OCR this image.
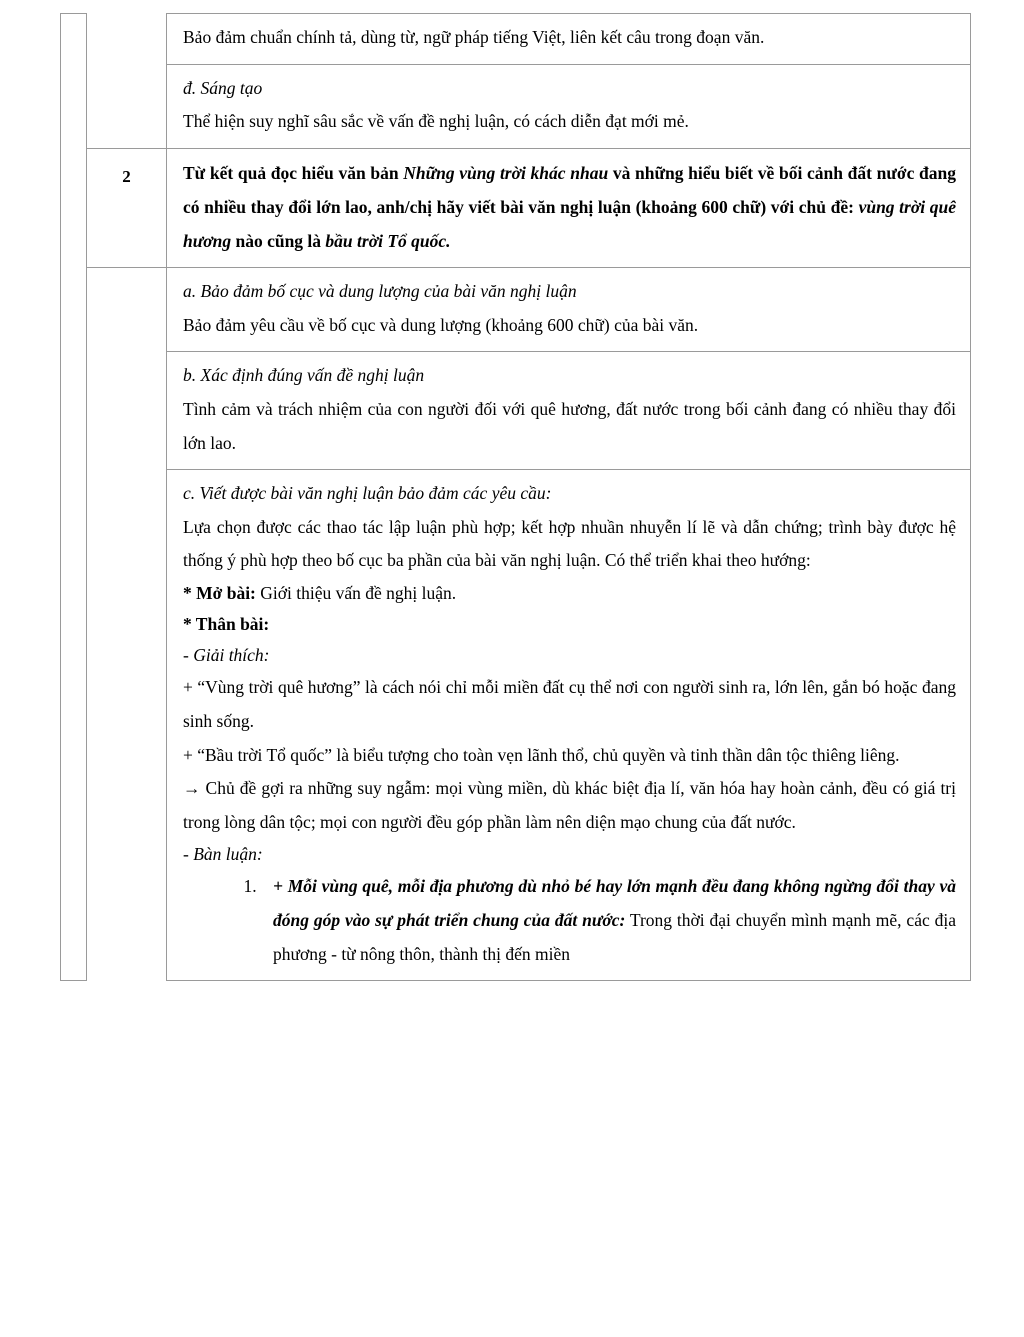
		Bảo đảm chuẩn chính tả, dùng từ, ngữ pháp tiếng Việt, liên kết câu trong đoạn văn.

		đ. Sáng tạo

Thể hiện suy nghĩ sâu sắc về vấn đề nghị luận, có cách diễn đạt mới mẻ.

	2	Từ kết quả đọc hiểu văn bản Những vùng trời khác nhau và những hiểu biết về bối cảnh đất nước đang có nhiều thay đổi lớn lao, anh/chị hãy viết bài văn nghị luận (khoảng 600 chữ) với chủ đề: vùng trời quê hương nào cũng là bầu trời Tổ quốc.

		a. Bảo đảm bố cục và dung lượng của bài văn nghị luận

Bảo đảm yêu cầu về bố cục và dung lượng (khoảng 600 chữ) của bài văn.

		b. Xác định đúng vấn đề nghị luận

Tình cảm và trách nhiệm của con người đối với quê hương, đất nước trong bối cảnh đang có nhiều thay đổi lớn lao.

c. Viết được bài văn nghị luận bảo đảm các yêu cầu:

Lựa chọn được các thao tác lập luận phù hợp; kết hợp nhuần nhuyễn lí lẽ và dẫn chứng; trình bày được hệ thống ý phù hợp theo bố cục ba phần của bài văn nghị luận. Có thể triển khai theo hướng:

* Mở bài: Giới thiệu vấn đề nghị luận.

* Thân bài:

- Giải thích:

+ “Vùng trời quê hương” là cách nói chỉ mỗi miền đất cụ thể nơi con người sinh ra, lớn lên, gắn bó hoặc đang sinh sống.

+ “Bầu trời Tổ quốc” là biểu tượng cho toàn vẹn lãnh thổ, chủ quyền và tinh thần dân tộc thiêng liêng.

→ Chủ đề gợi ra những suy ngẫm: mọi vùng miền, dù khác biệt địa lí, văn hóa hay hoàn cảnh, đều có giá trị trong lòng dân tộc; mọi con người đều góp phần làm nên diện mạo chung của đất nước.

- Bàn luận:

1. + Mỗi vùng quê, mỗi địa phương dù nhỏ bé hay lớn mạnh đều đang không ngừng đổi thay và đóng góp vào sự phát triển chung của đất nước: Trong thời đại chuyển mình mạnh mẽ, các địa phương - từ nông thôn, thành thị đến miền
